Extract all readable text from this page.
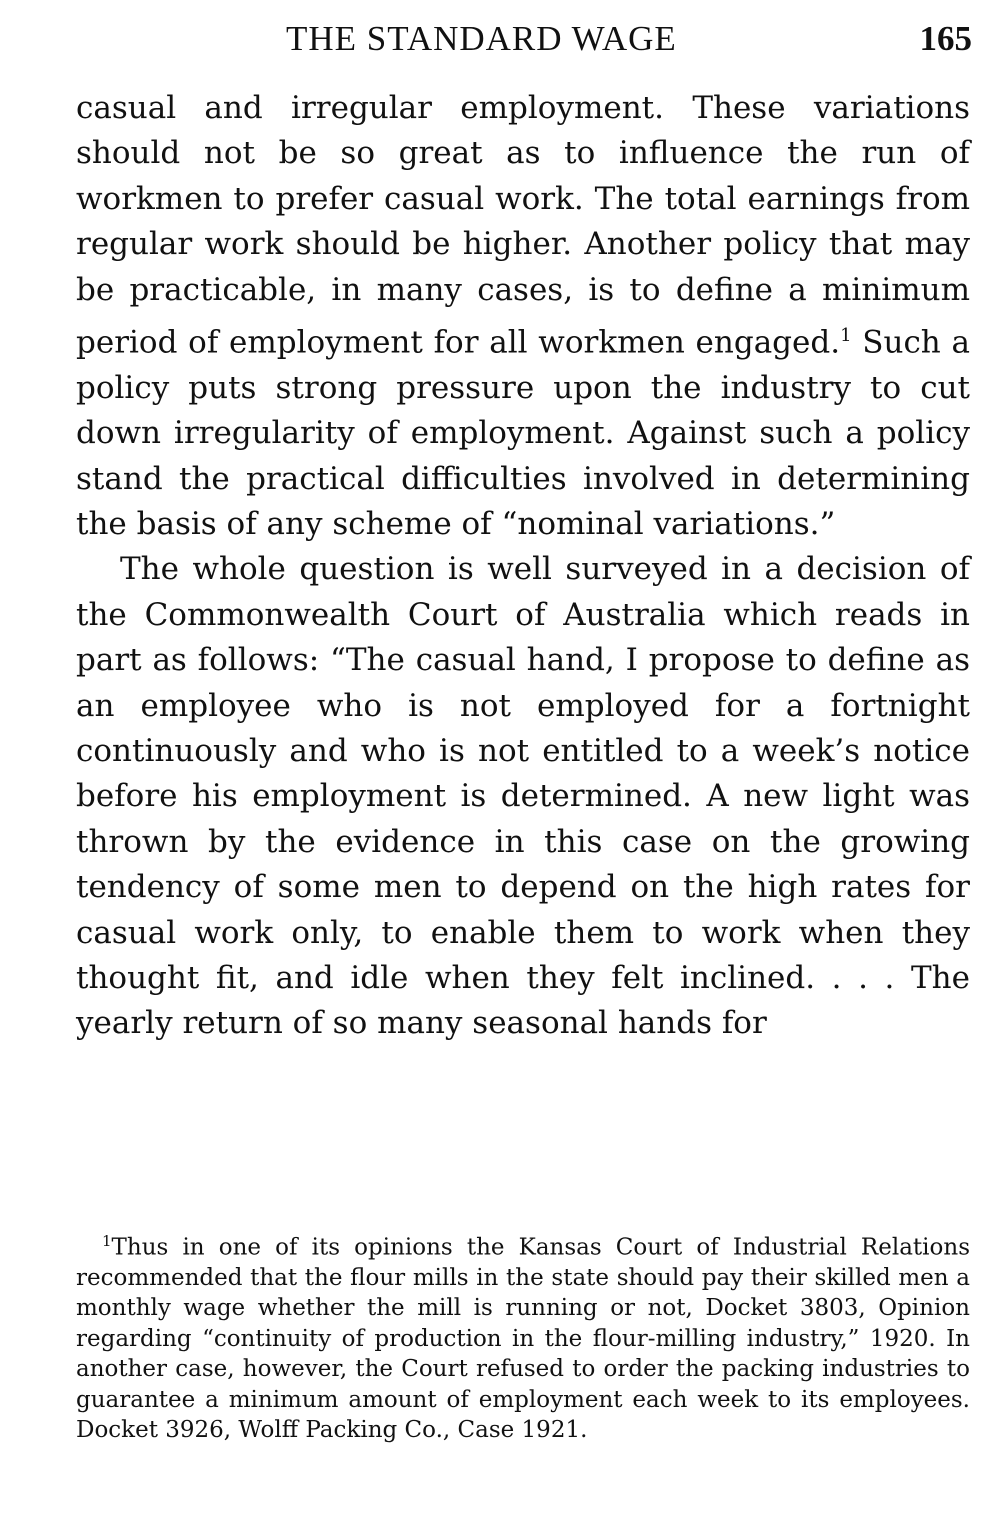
THE STANDARD WAGE	165

casual and irregular employment. These variations should not be so great as to influence the run of workmen to prefer casual work. The total earnings from regular work should be higher. Another policy that may be practicable, in many cases, is to define a minimum period of employment for all workmen engaged.$^1$ Such a policy puts strong pressure upon the industry to cut down irregularity of employment. Against such a policy stand the practical difficulties involved in determining the basis of any scheme of “nominal variations.”

The whole question is well surveyed in a decision of the Commonwealth Court of Australia which reads in part as follows: “The casual hand, I propose to define as an employee who is not employed for a fortnight continuously and who is not entitled to a week’s notice before his employment is determined. A new light was thrown by the evidence in this case on the growing tendency of some men to depend on the high rates for casual work only, to enable them to work when they thought fit, and idle when they felt inclined. . . . The yearly return of so many seasonal hands for

$^1$Thus in one of its opinions the Kansas Court of Industrial Relations recommended that the flour mills in the state should pay their skilled men a monthly wage whether the mill is running or not, Docket 3803, Opinion regarding “continuity of production in the flour-milling industry,” 1920. In another case, however, the Court refused to order the packing industries to guarantee a minimum amount of employment each week to its employees. Docket 3926, Wolff Packing Co., Case 1921.
